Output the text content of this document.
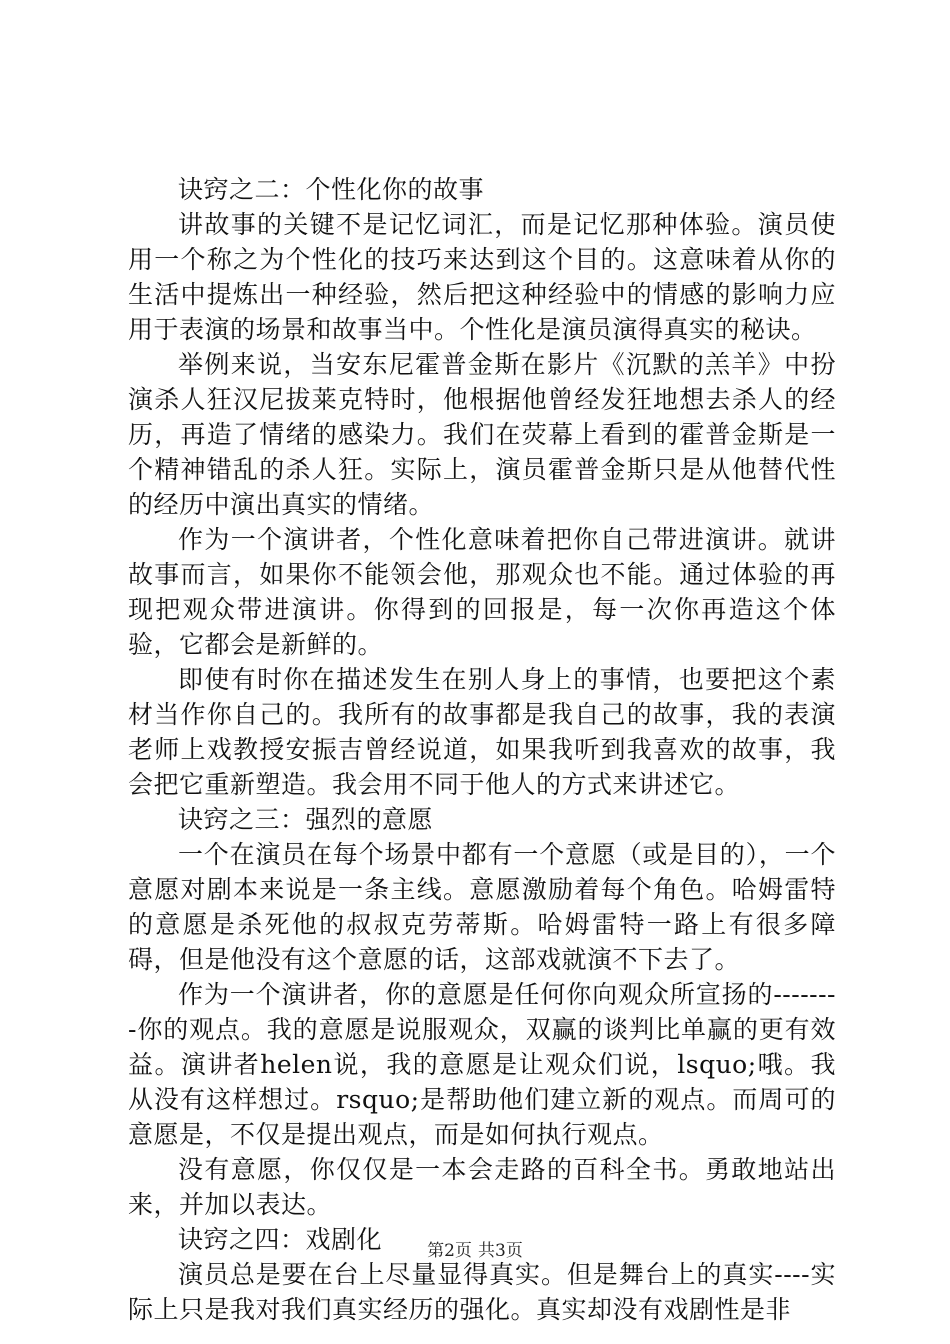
诀窍之二：个性化你的故事

讲故事的关键不是记忆词汇，而是记忆那种体验。演员使用一个称之为个性化的技巧来达到这个目的。这意味着从你的生活中提炼出一种经验，然后把这种经验中的情感的影响力应用于表演的场景和故事当中。个性化是演员演得真实的秘诀。

举例来说，当安东尼霍普金斯在影片《沉默的羔羊》中扮演杀人狂汉尼拔莱克特时，他根据他曾经发狂地想去杀人的经历，再造了情绪的感染力。我们在荧幕上看到的霍普金斯是一个精神错乱的杀人狂。实际上，演员霍普金斯只是从他替代性的经历中演出真实的情绪。

作为一个演讲者，个性化意味着把你自己带进演讲。就讲故事而言，如果你不能领会他，那观众也不能。通过体验的再现把观众带进演讲。你得到的回报是，每一次你再造这个体验，它都会是新鲜的。

即使有时你在描述发生在别人身上的事情，也要把这个素材当作你自己的。我所有的故事都是我自己的故事，我的表演老师上戏教授安振吉曾经说道，如果我听到我喜欢的故事，我会把它重新塑造。我会用不同于他人的方式来讲述它。

诀窍之三：强烈的意愿

一个在演员在每个场景中都有一个意愿（或是目的），一个意愿对剧本来说是一条主线。意愿激励着每个角色。哈姆雷特的意愿是杀死他的叔叔克劳蒂斯。哈姆雷特一路上有很多障碍，但是他没有这个意愿的话，这部戏就演不下去了。

作为一个演讲者，你的意愿是任何你向观众所宣扬的--------你的观点。我的意愿是说服观众，双赢的谈判比单赢的更有效益。演讲者helen说，我的意愿是让观众们说，lsquo;哦。我从没有这样想过。rsquo;是帮助他们建立新的观点。而周可的意愿是，不仅是提出观点，而是如何执行观点。

没有意愿，你仅仅是一本会走路的百科全书。勇敢地站出来，并加以表达。

诀窍之四：戏剧化

演员总是要在台上尽量显得真实。但是舞台上的真实----实际上只是我对我们真实经历的强化。真实却没有戏剧性是非

第2页 共3页
